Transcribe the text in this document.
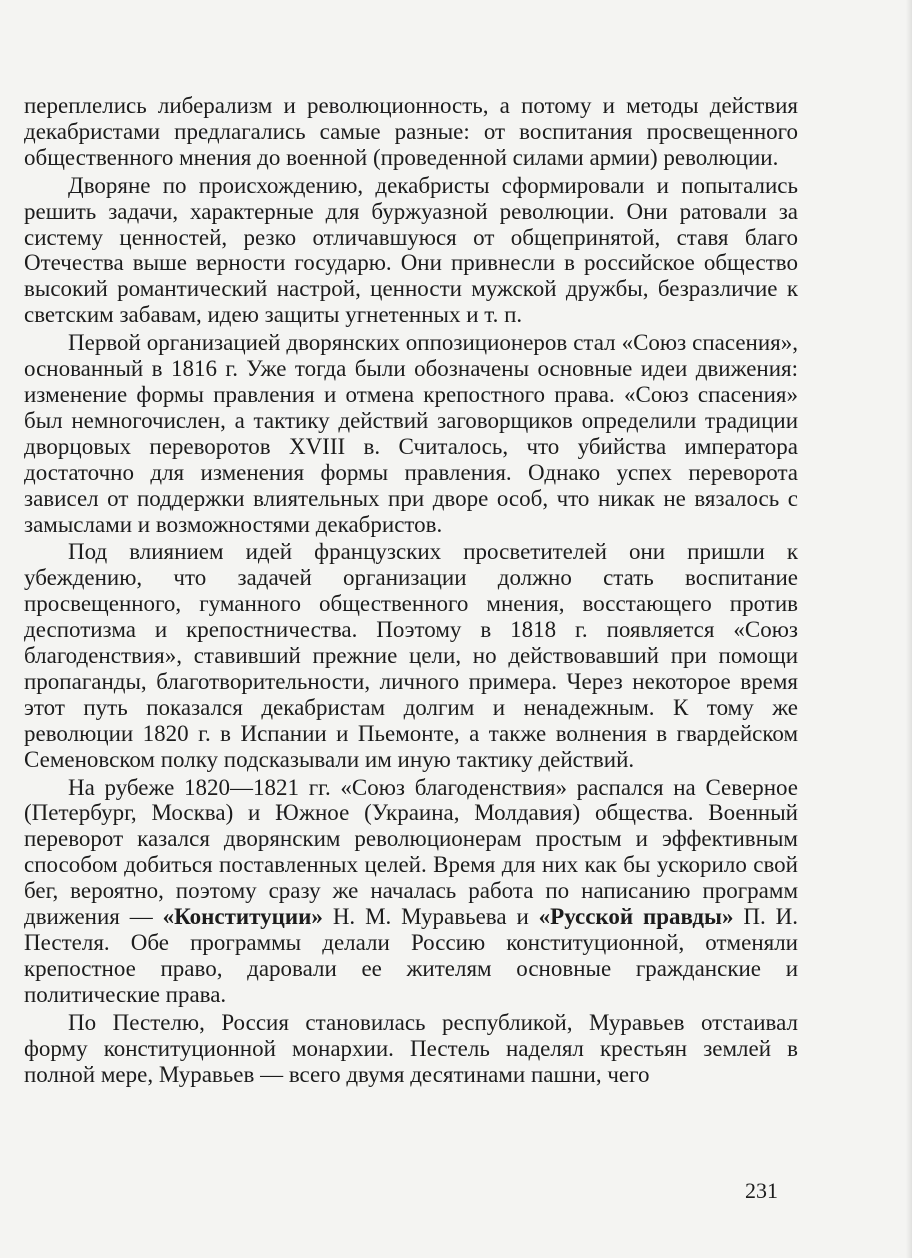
переплелись либерализм и революционность, а потому и методы действия декабристами предлагались самые разные: от воспитания просвещенного общественного мнения до военной (проведенной силами армии) революции.

Дворяне по происхождению, декабристы сформировали и попытались решить задачи, характерные для буржуазной революции. Они ратовали за систему ценностей, резко отличавшуюся от общепринятой, ставя благо Отечества выше верности государю. Они привнесли в российское общество высокий романтический настрой, ценности мужской дружбы, безразличие к светским забавам, идею защиты угнетенных и т. п.

Первой организацией дворянских оппозиционеров стал «Союз спасения», основанный в 1816 г. Уже тогда были обозначены основные идеи движения: изменение формы правления и отмена крепостного права. «Союз спасения» был немногочислен, а тактику действий заговорщиков определили традиции дворцовых переворотов XVIII в. Считалось, что убийства императора достаточно для изменения формы правления. Однако успех переворота зависел от поддержки влиятельных при дворе особ, что никак не вязалось с замыслами и возможностями декабристов.

Под влиянием идей французских просветителей они пришли к убеждению, что задачей организации должно стать воспитание просвещенного, гуманного общественного мнения, восстающего против деспотизма и крепостничества. Поэтому в 1818 г. появляется «Союз благоденствия», ставивший прежние цели, но действовавший при помощи пропаганды, благотворительности, личного примера. Через некоторое время этот путь показался декабристам долгим и ненадежным. К тому же революции 1820 г. в Испании и Пьемонте, а также волнения в гвардейском Семеновском полку подсказывали им иную тактику действий.

На рубеже 1820—1821 гг. «Союз благоденствия» распался на Северное (Петербург, Москва) и Южное (Украина, Молдавия) общества. Военный переворот казался дворянским революционерам простым и эффективным способом добиться поставленных целей. Время для них как бы ускорило свой бег, вероятно, поэтому сразу же началась работа по написанию программ движения — «Конституции» Н. М. Муравьева и «Русской правды» П. И. Пестеля. Обе программы делали Россию конституционной, отменяли крепостное право, даровали ее жителям основные гражданские и политические права.

По Пестелю, Россия становилась республикой, Муравьев отстаивал форму конституционной монархии. Пестель наделял крестьян землей в полной мере, Муравьев — всего двумя десятинами пашни, чего

231
